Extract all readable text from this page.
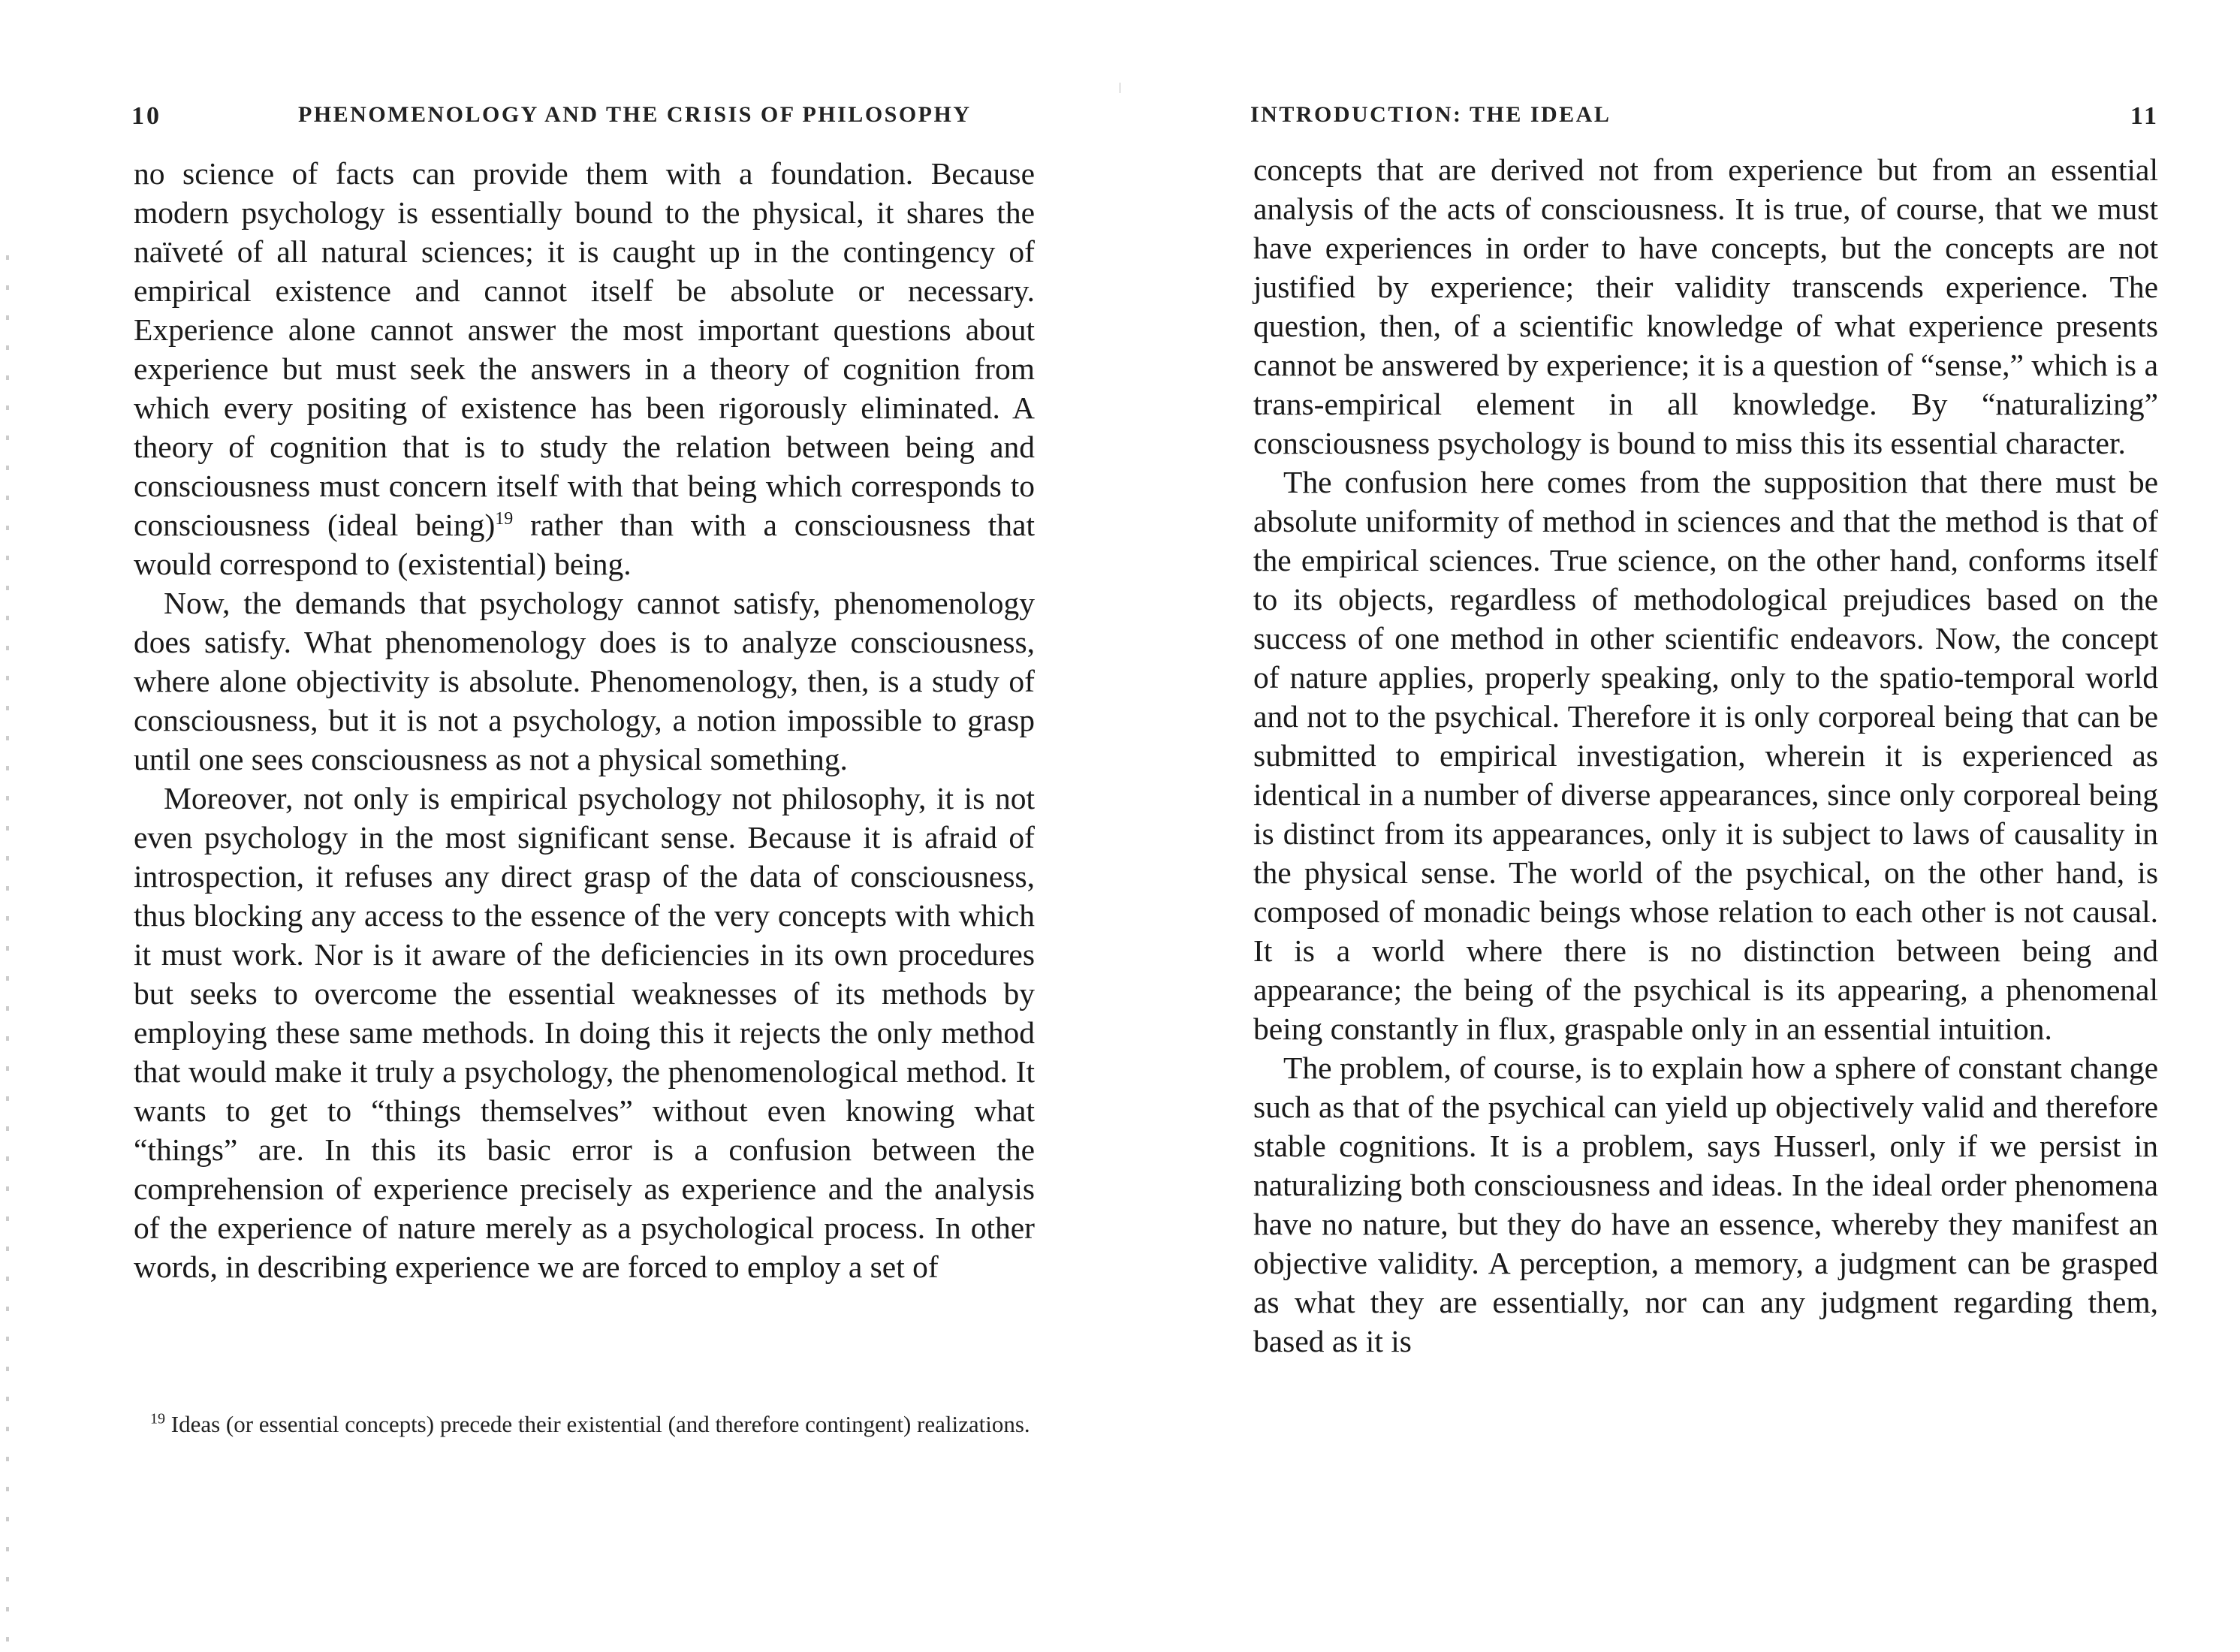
10	PHENOMENOLOGY AND THE CRISIS OF PHILOSOPHY

no science of facts can provide them with a foundation. Because modern psychology is essentially bound to the physical, it shares the naïveté of all natural sciences; it is caught up in the contingency of empirical existence and cannot itself be absolute or necessary. Experience alone cannot answer the most important questions about experience but must seek the answers in a theory of cognition from which every positing of existence has been rigorously eliminated. A theory of cognition that is to study the relation between being and consciousness must concern itself with that being which corresponds to consciousness (ideal being)$^{19}$ rather than with a consciousness that would correspond to (existential) being.

Now, the demands that psychology cannot satisfy, phenomenology does satisfy. What phenomenology does is to analyze consciousness, where alone objectivity is absolute. Phenomenology, then, is a study of consciousness, but it is not a psychology, a notion impossible to grasp until one sees consciousness as not a physical something.

Moreover, not only is empirical psychology not philosophy, it is not even psychology in the most significant sense. Because it is afraid of introspection, it refuses any direct grasp of the data of consciousness, thus blocking any access to the essence of the very concepts with which it must work. Nor is it aware of the deficiencies in its own procedures but seeks to overcome the essential weaknesses of its methods by employing these same methods. In doing this it rejects the only method that would make it truly a psychology, the phenomenological method. It wants to get to “things themselves” without even knowing what “things” are. In this its basic error is a confusion between the comprehension of experience precisely as experience and the analysis of the experience of nature merely as a psychological process. In other words, in describing experience we are forced to employ a set of

$^{19}$ Ideas (or essential concepts) precede their existential (and therefore contingent) realizations.
INTRODUCTION: THE IDEAL	11

concepts that are derived not from experience but from an essential analysis of the acts of consciousness. It is true, of course, that we must have experiences in order to have concepts, but the concepts are not justified by experience; their validity transcends experience. The question, then, of a scientific knowledge of what experience presents cannot be answered by experience; it is a question of “sense,” which is a trans-empirical element in all knowledge. By “naturalizing” consciousness psychology is bound to miss this its essential character.

The confusion here comes from the supposition that there must be absolute uniformity of method in sciences and that the method is that of the empirical sciences. True science, on the other hand, conforms itself to its objects, regardless of methodological prejudices based on the success of one method in other scientific endeavors. Now, the concept of nature applies, properly speaking, only to the spatio-temporal world and not to the psychical. Therefore it is only corporeal being that can be submitted to empirical investigation, wherein it is experienced as identical in a number of diverse appearances, since only corporeal being is distinct from its appearances, only it is subject to laws of causality in the physical sense. The world of the psychical, on the other hand, is composed of monadic beings whose relation to each other is not causal. It is a world where there is no distinction between being and appearance; the being of the psychical is its appearing, a phenomenal being constantly in flux, graspable only in an essential intuition.

The problem, of course, is to explain how a sphere of constant change such as that of the psychical can yield up objectively valid and therefore stable cognitions. It is a problem, says Husserl, only if we persist in naturalizing both consciousness and ideas. In the ideal order phenomena have no nature, but they do have an essence, whereby they manifest an objective validity. A perception, a memory, a judgment can be grasped as what they are essentially, nor can any judgment regarding them, based as it is
